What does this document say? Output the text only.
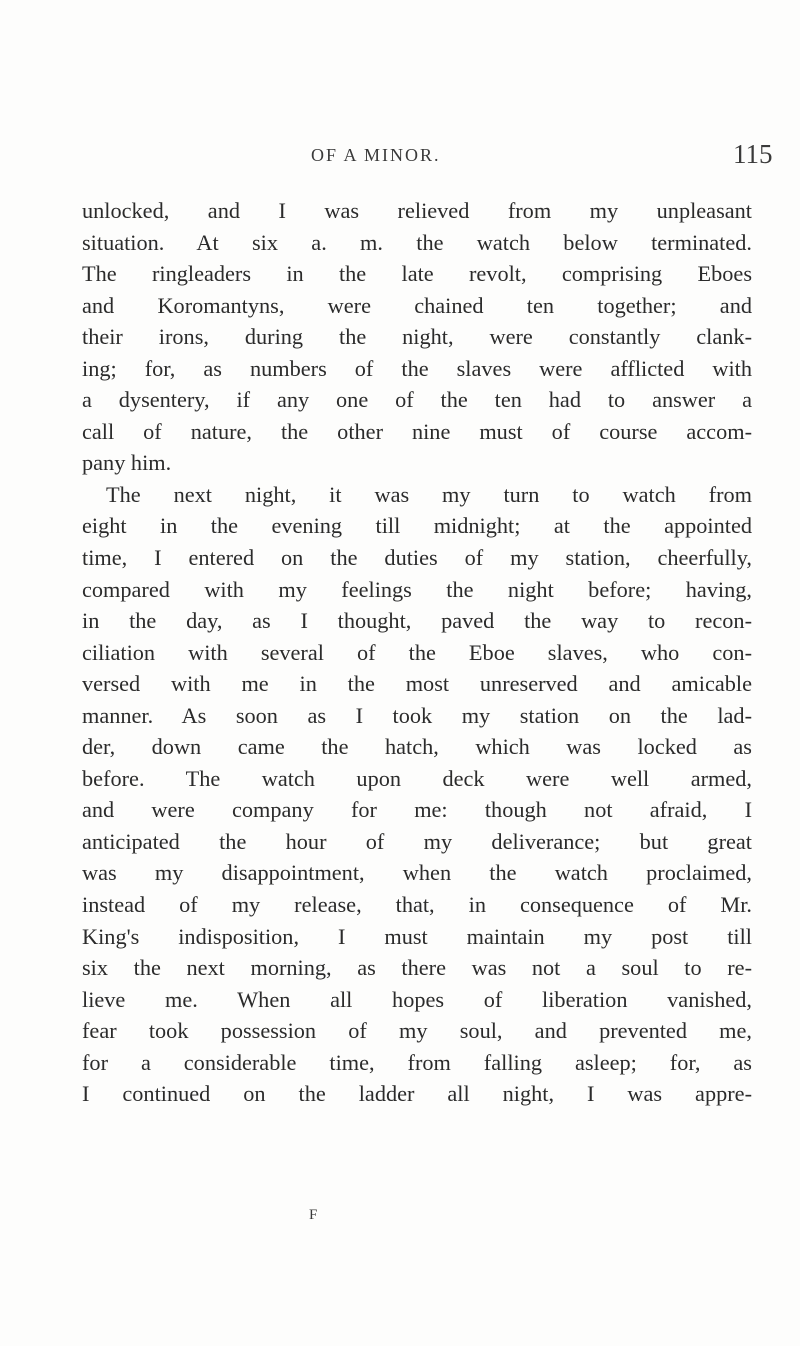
OF A MINOR.	115
unlocked, and I was relieved from my unpleasant
situation. At six a. m. the watch below terminated.
The ringleaders in the late revolt, comprising Eboes
and Koromantyns, were chained ten together; and
their irons, during the night, were constantly clank-
ing; for, as numbers of the slaves were afflicted with
a dysentery, if any one of the ten had to answer a
call of nature, the other nine must of course accom-
pany him.
The next night, it was my turn to watch from
eight in the evening till midnight; at the appointed
time, I entered on the duties of my station, cheerfully,
compared with my feelings the night before; having,
in the day, as I thought, paved the way to recon-
ciliation with several of the Eboe slaves, who con-
versed with me in the most unreserved and amicable
manner. As soon as I took my station on the lad-
der, down came the hatch, which was locked as
before. The watch upon deck were well armed,
and were company for me: though not afraid, I
anticipated the hour of my deliverance; but great
was my disappointment, when the watch proclaimed,
instead of my release, that, in consequence of Mr.
King's indisposition, I must maintain my post till
six the next morning, as there was not a soul to re-
lieve me. When all hopes of liberation vanished,
fear took possession of my soul, and prevented me,
for a considerable time, from falling asleep; for, as
I continued on the ladder all night, I was appre-
F
